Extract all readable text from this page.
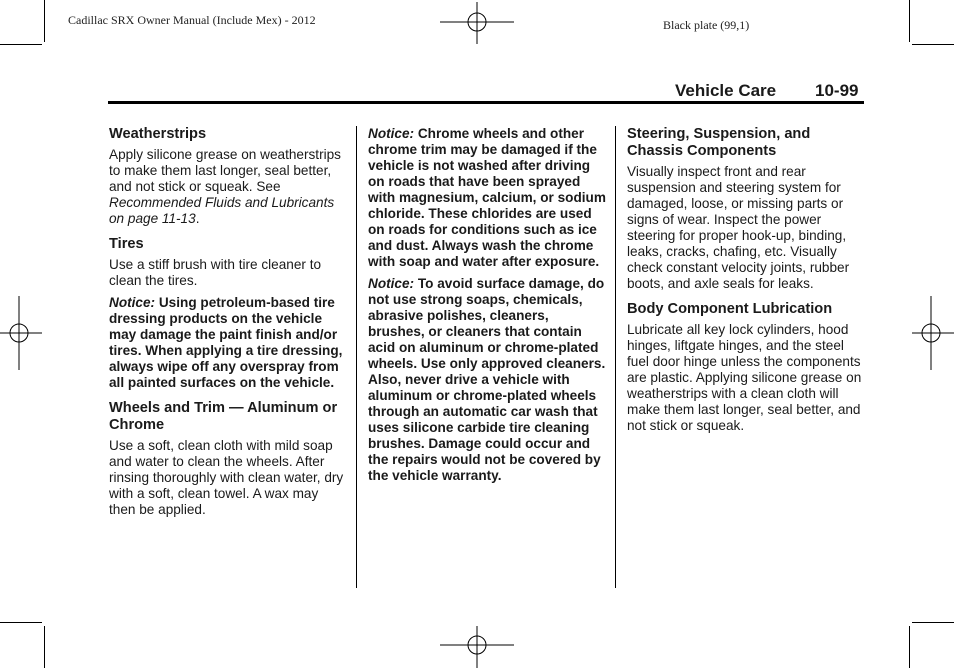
Cadillac SRX Owner Manual (Include Mex) - 2012	Black plate (99,1)
Vehicle Care 10-99
Weatherstrips

Apply silicone grease on weatherstrips to make them last longer, seal better, and not stick or squeak. See Recommended Fluids and Lubricants on page 11-13.

Tires

Use a stiff brush with tire cleaner to clean the tires.

Notice: Using petroleum-based tire dressing products on the vehicle may damage the paint finish and/or tires. When applying a tire dressing, always wipe off any overspray from all painted surfaces on the vehicle.

Wheels and Trim — Aluminum or Chrome

Use a soft, clean cloth with mild soap and water to clean the wheels. After rinsing thoroughly with clean water, dry with a soft, clean towel. A wax may then be applied.

Notice: Chrome wheels and other chrome trim may be damaged if the vehicle is not washed after driving on roads that have been sprayed with magnesium, calcium, or sodium chloride. These chlorides are used on roads for conditions such as ice and dust. Always wash the chrome with soap and water after exposure.

Notice: To avoid surface damage, do not use strong soaps, chemicals, abrasive polishes, cleaners, brushes, or cleaners that contain acid on aluminum or chrome-plated wheels. Use only approved cleaners. Also, never drive a vehicle with aluminum or chrome-plated wheels through an automatic car wash that uses silicone carbide tire cleaning brushes. Damage could occur and the repairs would not be covered by the vehicle warranty.

Steering, Suspension, and Chassis Components

Visually inspect front and rear suspension and steering system for damaged, loose, or missing parts or signs of wear. Inspect the power steering for proper hook-up, binding, leaks, cracks, chafing, etc. Visually check constant velocity joints, rubber boots, and axle seals for leaks.

Body Component Lubrication

Lubricate all key lock cylinders, hood hinges, liftgate hinges, and the steel fuel door hinge unless the components are plastic. Applying silicone grease on weatherstrips with a clean cloth will make them last longer, seal better, and not stick or squeak.
